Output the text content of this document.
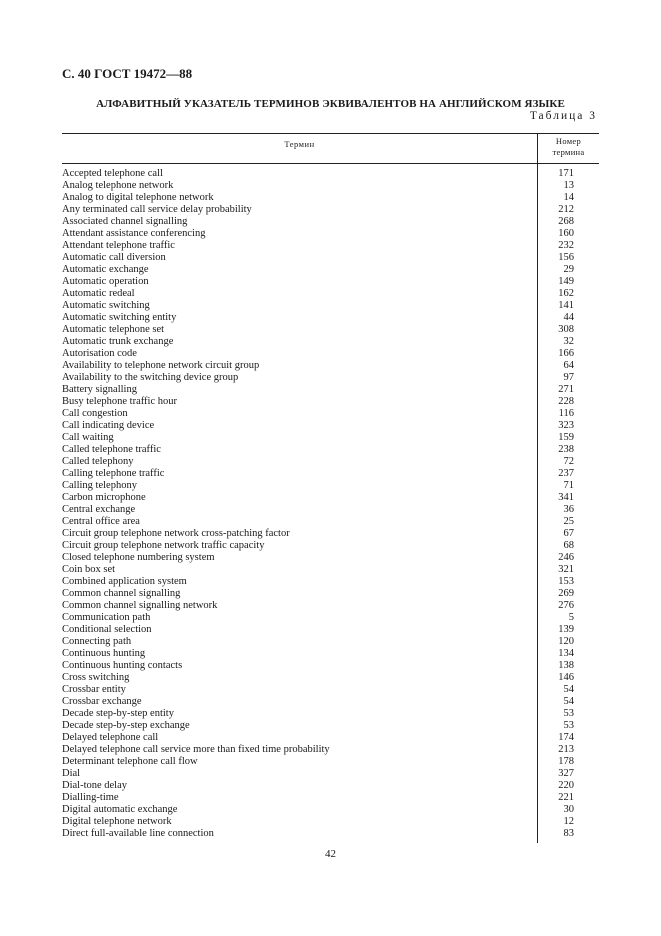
С. 40 ГОСТ 19472—88
АЛФАВИТНЫЙ УКАЗАТЕЛЬ ТЕРМИНОВ ЭКВИВАЛЕНТОВ НА АНГЛИЙСКОМ ЯЗЫКЕ
Таблица 3
Термин	Номер
термина
Accepted telephone call	171
Analog telephone network	13
Analog to digital telephone network	14
Any terminated call service delay probability	212
Associated channel signalling	268
Attendant assistance conferencing	160
Attendant telephone traffic	232
Automatic call diversion	156
Automatic exchange	29
Automatic operation	149
Automatic redeal	162
Automatic switching	141
Automatic switching entity	44
Automatic telephone set	308
Automatic trunk exchange	32
Autorisation code	166
Availability to telephone network circuit group	64
Availability to the switching device group	97
Battery signalling	271
Busy telephone traffic hour	228
Call congestion	116
Call indicating device	323
Call waiting	159
Called telephone traffic	238
Called telephony	72
Calling telephone traffic	237
Calling telephony	71
Carbon microphone	341
Central exchange	36
Central office area	25
Circuit group telephone network cross-patching factor	67
Circuit group telephone network traffic capacity	68
Closed telephone numbering system	246
Coin box set	321
Combined application system	153
Common channel signalling	269
Common channel signalling network	276
Communication path	5
Conditional selection	139
Connecting path	120
Continuous hunting	134
Continuous hunting contacts	138
Cross switching	146
Crossbar entity	54
Crossbar exchange	54
Decade step-by-step entity	53
Decade step-by-step exchange	53
Delayed telephone call	174
Delayed telephone call service more than fixed time probability	213
Determinant telephone call flow	178
Dial	327
Dial-tone delay	220
Dialling-time	221
Digital automatic exchange	30
Digital telephone network	12
Direct full-available line connection	83
42
